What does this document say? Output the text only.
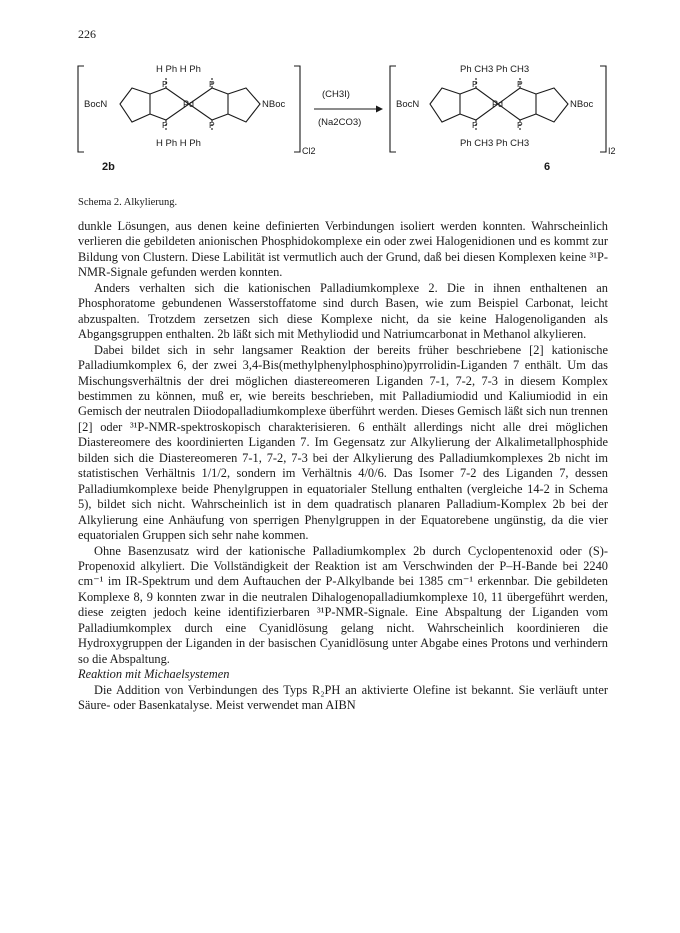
226
H Ph H Ph
H Ph H Ph
BocN	NBoc
Pd
P	P
P	P
Cl2
2b
(CH3I)
(Na2CO3)
Ph CH3 Ph CH3
Ph CH3 Ph CH3
BocN	NBoc
Pd
P	P
P	P
I2
6
Schema 2. Alkylierung.

dunkle Lösungen, aus denen keine definierten Verbindungen isoliert werden konnten. Wahrscheinlich verlieren die gebildeten anionischen Phosphidokomplexe ein oder zwei Halogenidionen und es kommt zur Bildung von Clustern. Diese Labilität ist vermutlich auch der Grund, daß bei diesen Komplexen keine ³¹P-NMR-Signale gefunden werden konnten.

Anders verhalten sich die kationischen Palladiumkomplexe 2. Die in ihnen enthaltenen an Phosphoratome gebundenen Wasserstoffatome sind durch Basen, wie zum Beispiel Carbonat, leicht abzuspalten. Trotzdem zersetzen sich diese Komplexe nicht, da sie keine Halogenoliganden als Abgangsgruppen enthalten. 2b läßt sich mit Methyliodid und Natriumcarbonat in Methanol alkylieren.

Dabei bildet sich in sehr langsamer Reaktion der bereits früher beschriebene [2] kationische Palladiumkomplex 6, der zwei 3,4-Bis(methylphenylphosphino)pyrrolidin-Liganden 7 enthält. Um das Mischungsverhältnis der drei möglichen diastereomeren Liganden 7-1, 7-2, 7-3 in diesem Komplex bestimmen zu können, muß er, wie bereits beschrieben, mit Palladiumiodid und Kaliumiodid in ein Gemisch der neutralen Diiodopalladiumkomplexe überführt werden. Dieses Gemisch läßt sich nun trennen [2] oder ³¹P-NMR-spektroskopisch charakterisieren. 6 enthält allerdings nicht alle drei möglichen Diastereomere des koordinierten Liganden 7. Im Gegensatz zur Alkylierung der Alkalimetallphosphide bilden sich die Diastereomeren 7-1, 7-2, 7-3 bei der Alkylierung des Palladiumkomplexes 2b nicht im statistischen Verhältnis 1/1/2, sondern im Verhältnis 4/0/6. Das Isomer 7-2 des Liganden 7, dessen Palladiumkomplexe beide Phenylgruppen in equatorialer Stellung enthalten (vergleiche 14-2 in Schema 5), bildet sich nicht. Wahrscheinlich ist in dem quadratisch planaren Palladium-Komplex 2b bei der Alkylierung eine Anhäufung von sperrigen Phenylgruppen in der Equatorebene ungünstig, da die vier equatorialen Gruppen sich sehr nahe kommen.

Ohne Basenzusatz wird der kationische Palladiumkomplex 2b durch Cyclopentenoxid oder (S)-Propenoxid alkyliert. Die Vollständigkeit der Reaktion ist am Verschwinden der P–H-Bande bei 2240 cm⁻¹ im IR-Spektrum und dem Auftauchen der P-Alkylbande bei 1385 cm⁻¹ erkennbar. Die gebildeten Komplexe 8, 9 konnten zwar in die neutralen Dihalogenopalladiumkomplexe 10, 11 übergeführt werden, diese zeigten jedoch keine identifizierbaren ³¹P-NMR-Signale. Eine Abspaltung der Liganden vom Palladiumkomplex durch eine Cyanidlösung gelang nicht. Wahrscheinlich koordinieren die Hydroxygruppen der Liganden in der basischen Cyanidlösung unter Abgabe eines Protons und verhindern so die Abspaltung.

Reaktion mit Michaelsystemen

Die Addition von Verbindungen des Typs R₂PH an aktivierte Olefine ist bekannt. Sie verläuft unter Säure- oder Basenkatalyse. Meist verwendet man AIBN
